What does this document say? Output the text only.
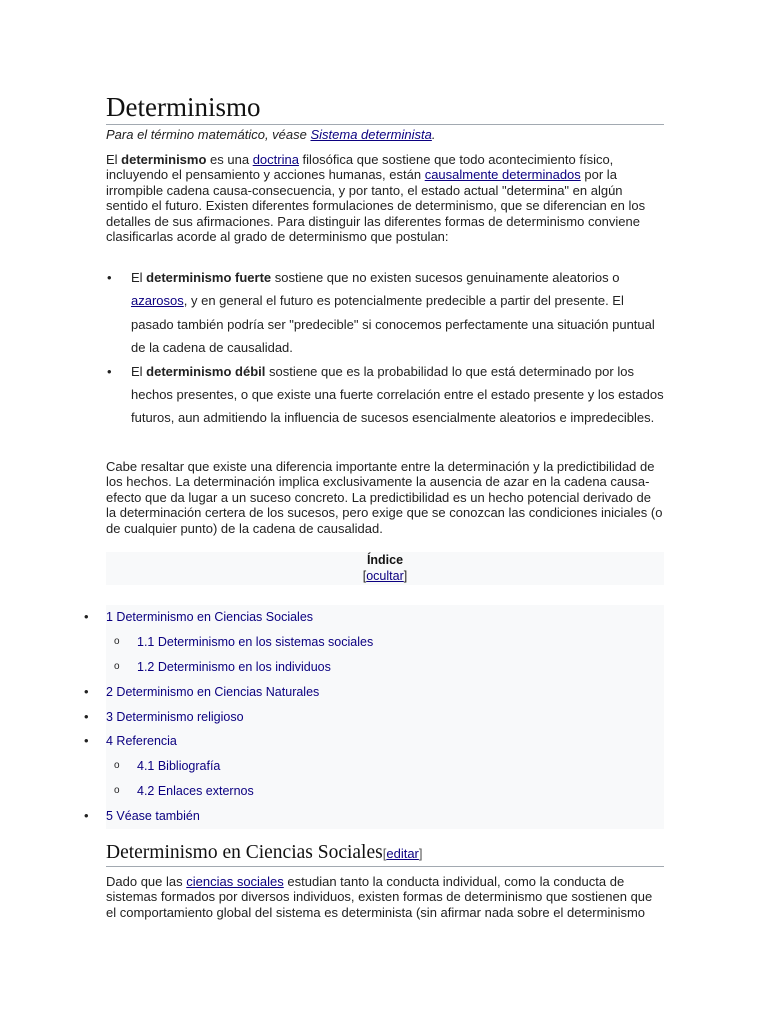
Determinismo
Para el término matemático, véase Sistema determinista.

El determinismo es una doctrina filosófica que sostiene que todo acontecimiento físico, incluyendo el pensamiento y acciones humanas, están causalmente determinados por la irrompible cadena causa-consecuencia, y por tanto, el estado actual "determina" en algún sentido el futuro. Existen diferentes formulaciones de determinismo, que se diferencian en los detalles de sus afirmaciones. Para distinguir las diferentes formas de determinismo conviene clasificarlas acorde al grado de determinismo que postulan:

• El determinismo fuerte sostiene que no existen sucesos genuinamente aleatorios o azarosos, y en general el futuro es potencialmente predecible a partir del presente. El pasado también podría ser "predecible" si conocemos perfectamente una situación puntual de la cadena de causalidad.
• El determinismo débil sostiene que es la probabilidad lo que está determinado por los hechos presentes, o que existe una fuerte correlación entre el estado presente y los estados futuros, aun admitiendo la influencia de sucesos esencialmente aleatorios e impredecibles.

Cabe resaltar que existe una diferencia importante entre la determinación y la predictibilidad de los hechos. La determinación implica exclusivamente la ausencia de azar en la cadena causa-efecto que da lugar a un suceso concreto. La predictibilidad es un hecho potencial derivado de la determinación certera de los sucesos, pero exige que se conozcan las condiciones iniciales (o de cualquier punto) de la cadena de causalidad.

Índice
[ocultar]
• 1 Determinismo en Ciencias Sociales
o 1.1 Determinismo en los sistemas sociales
o 1.2 Determinismo en los individuos
• 2 Determinismo en Ciencias Naturales
• 3 Determinismo religioso
• 4 Referencia
o 4.1 Bibliografía
o 4.2 Enlaces externos
• 5 Véase también
Determinismo en Ciencias Sociales[editar]

Dado que las ciencias sociales estudian tanto la conducta individual, como la conducta de sistemas formados por diversos individuos, existen formas de determinismo que sostienen que el comportamiento global del sistema es determinista (sin afirmar nada sobre el determinismo
